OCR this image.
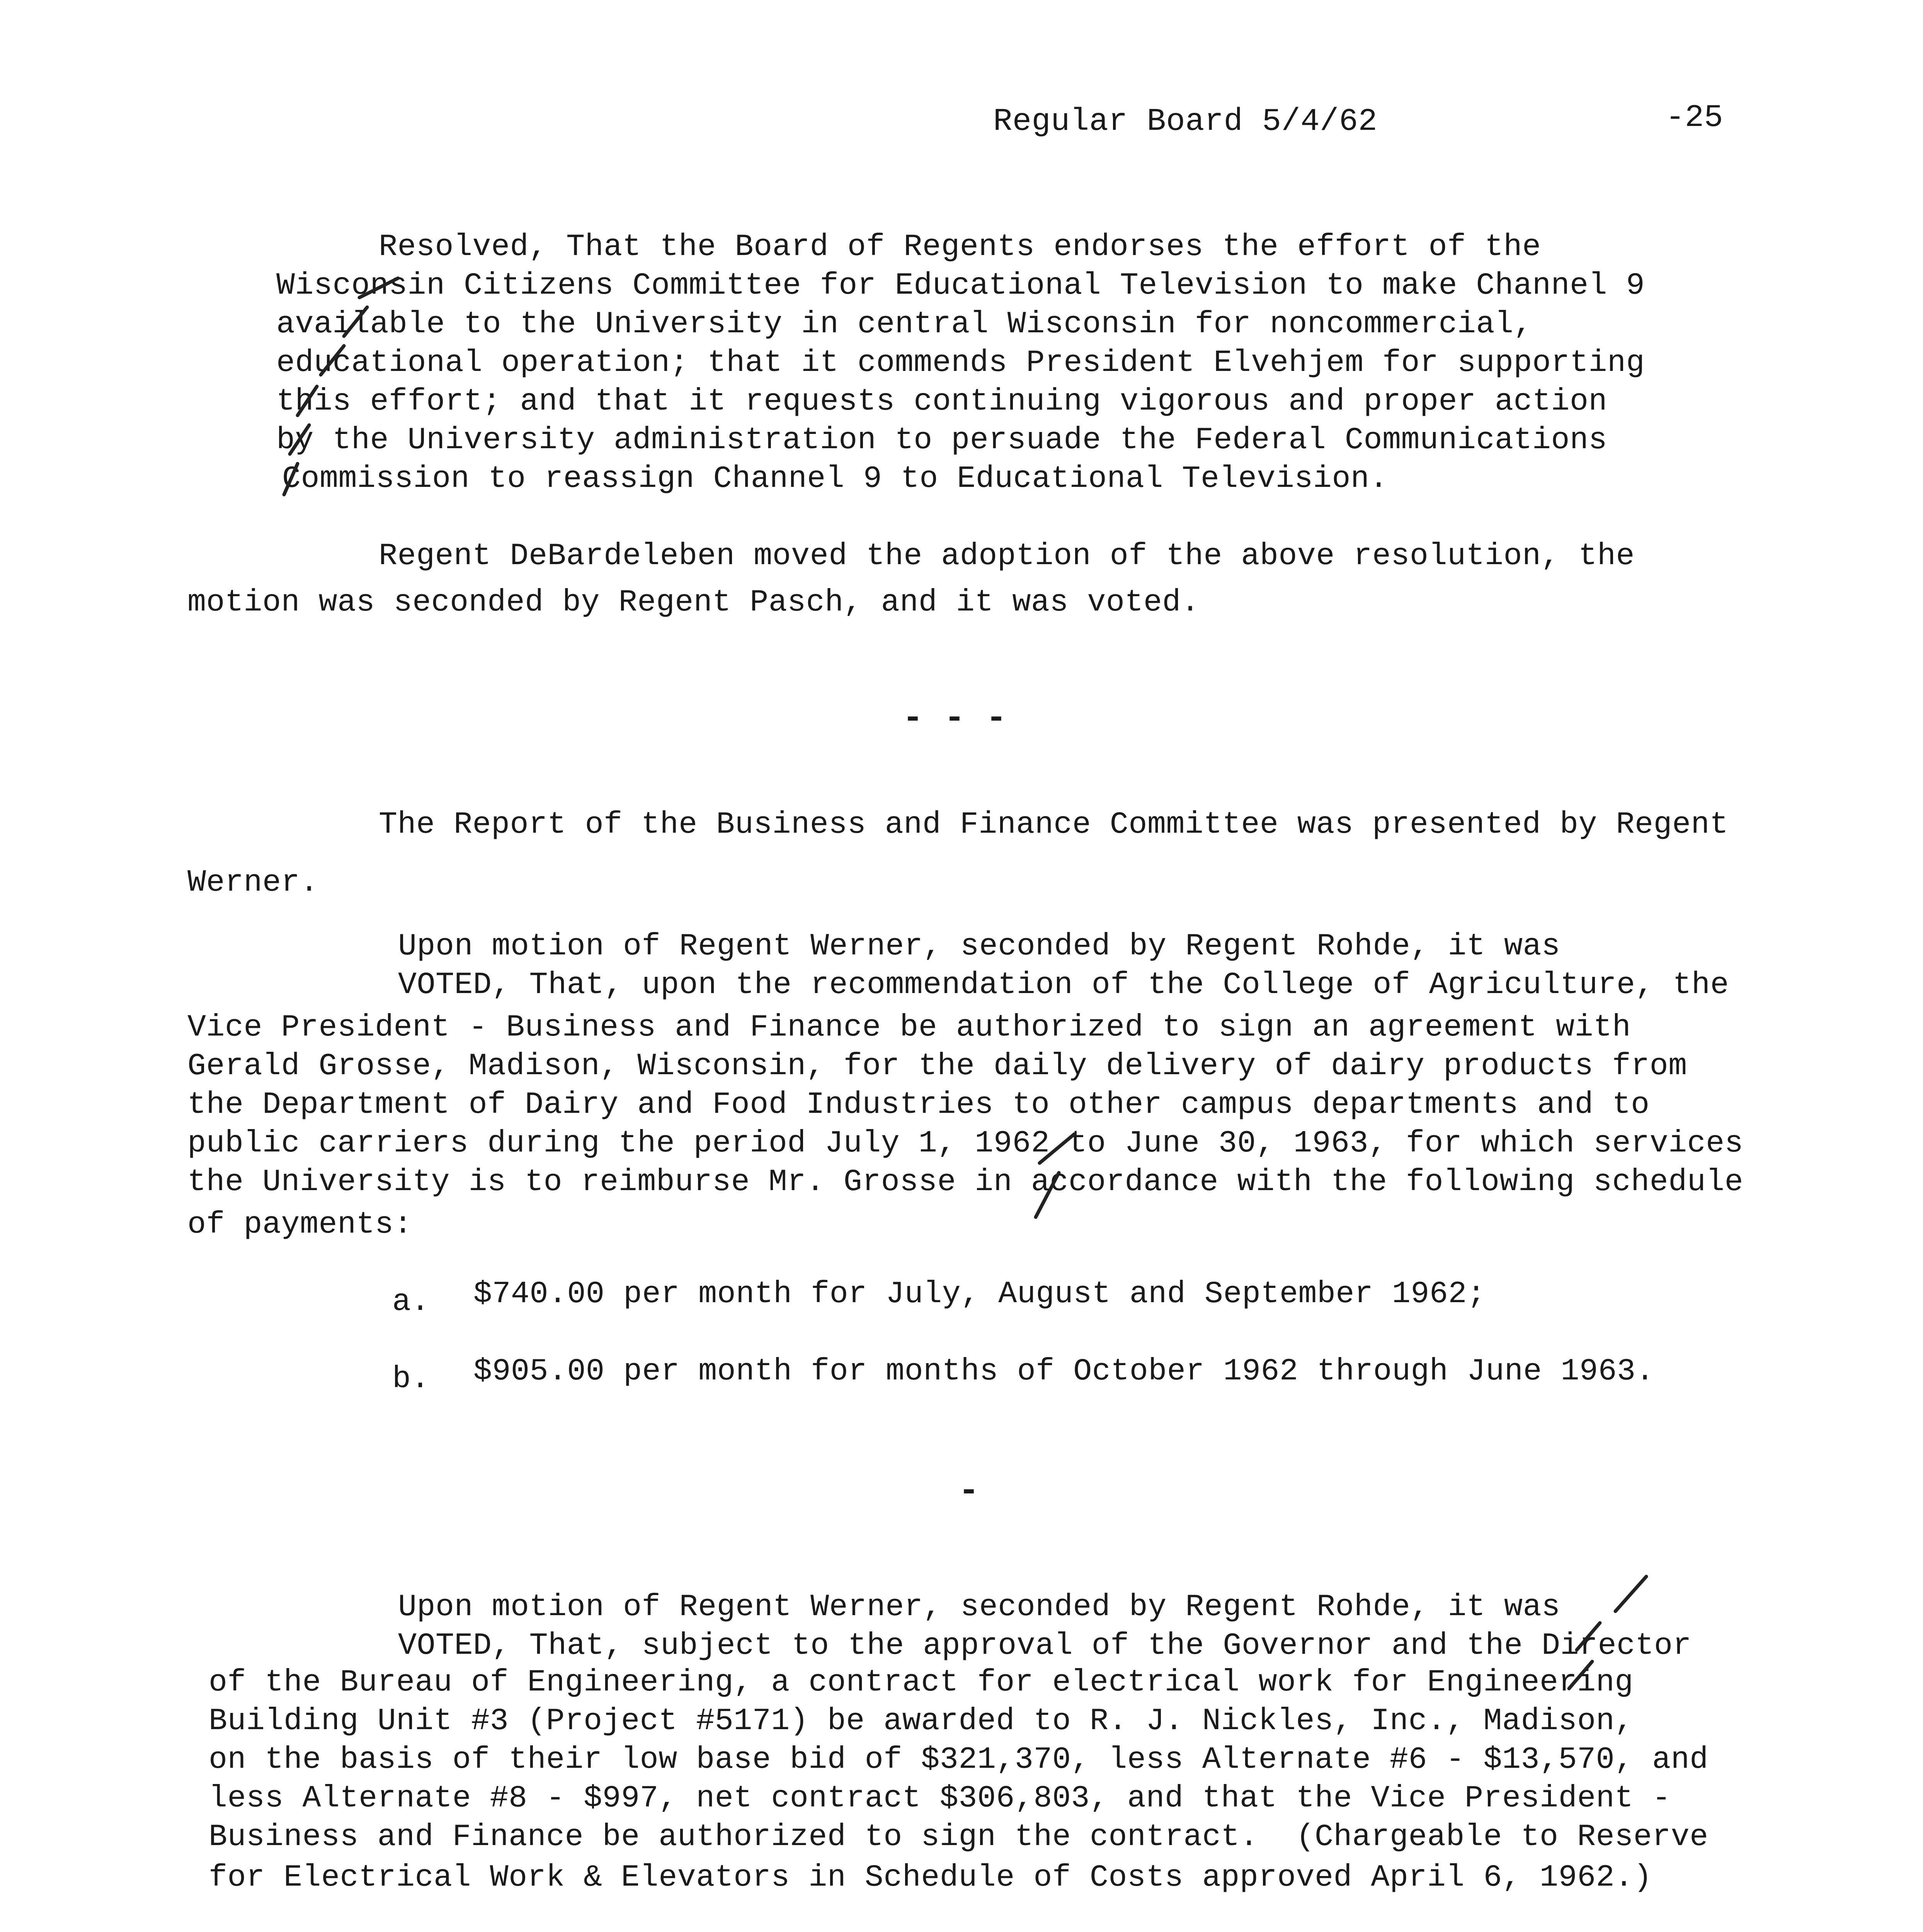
Regular Board 5/4/62	-25
Resolved, That the Board of Regents endorses the effort of the
Wisconsin Citizens Committee for Educational Television to make Channel 9
available to the University in central Wisconsin for noncommercial,
educational operation; that it commends President Elvehjem for supporting
this effort; and that it requests continuing vigorous and proper action
by the University administration to persuade the Federal Communications
Commission to reassign Channel 9 to Educational Television.
Regent DeBardeleben moved the adoption of the above resolution, the
motion was seconded by Regent Pasch, and it was voted.
- - -
The Report of the Business and Finance Committee was presented by Regent
Werner.
Upon motion of Regent Werner, seconded by Regent Rohde, it was
VOTED, That, upon the recommendation of the College of Agriculture, the
Vice President - Business and Finance be authorized to sign an agreement with
Gerald Grosse, Madison, Wisconsin, for the daily delivery of dairy products from
the Department of Dairy and Food Industries to other campus departments and to
public carriers during the period July 1, 1962 to June 30, 1963, for which services
the University is to reimburse Mr. Grosse in accordance with the following schedule
of payments:
a. $740.00 per month for July, August and September 1962;
b. $905.00 per month for months of October 1962 through June 1963.
-
Upon motion of Regent Werner, seconded by Regent Rohde, it was
VOTED, That, subject to the approval of the Governor and the Director
of the Bureau of Engineering, a contract for electrical work for Engineering
Building Unit #3 (Project #5171) be awarded to R. J. Nickles, Inc., Madison,
on the basis of their low base bid of $321,370, less Alternate #6 - $13,570, and
less Alternate #8 - $997, net contract $306,803, and that the Vice President -
Business and Finance be authorized to sign the contract.  (Chargeable to Reserve
for Electrical Work & Elevators in Schedule of Costs approved April 6, 1962.)
